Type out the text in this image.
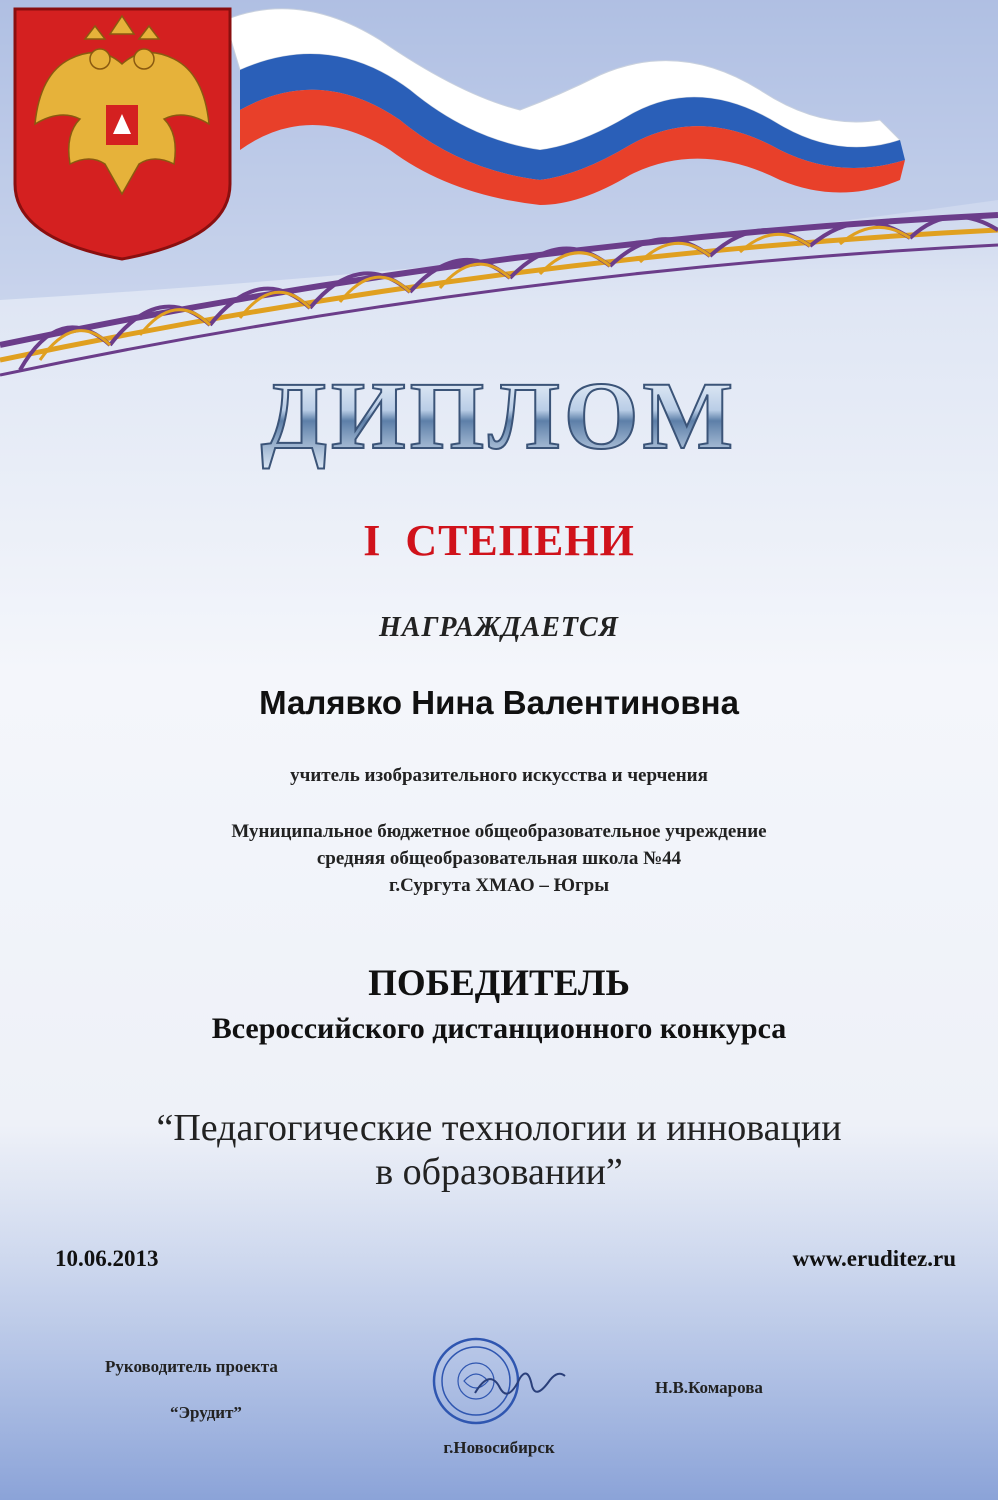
ДИПЛОМ
I СТЕПЕНИ
НАГРАЖДАЕТСЯ
Малявко Нина Валентиновна
учитель изобразительного искусства и черчения
Муниципальное бюджетное общеобразовательное учреждение
средняя общеобразовательная школа №44
г.Сургута ХМАО – Югры
ПОБЕДИТЕЛЬ
Всероссийского дистанционного конкурса
“Педагогические технологии и инновации
в образовании”
10.06.2013	www.eruditez.ru
Руководитель проекта
“Эрудит”
Н.В.Комарова
г.Новосибирск
